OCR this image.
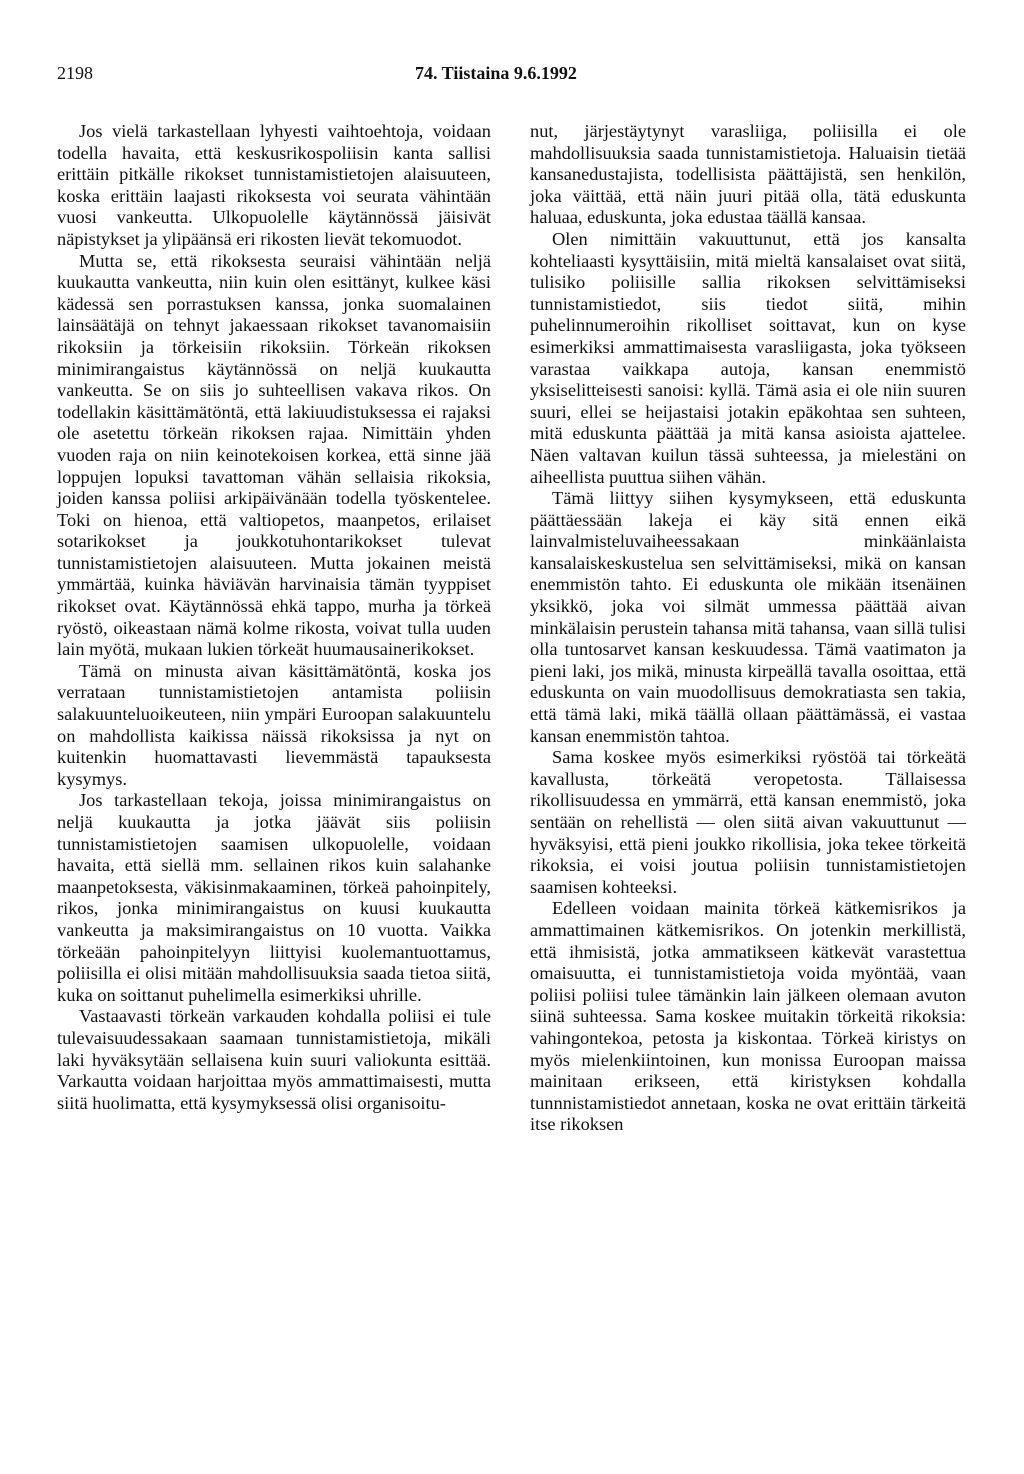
2198	74. Tiistaina 9.6.1992

Jos vielä tarkastellaan lyhyesti vaihtoehtoja, voidaan todella havaita, että keskusrikospoliisin kanta sallisi erittäin pitkälle rikokset tunnistamistietojen alaisuuteen, koska erittäin laajasti rikoksesta voi seurata vähintään vuosi vankeutta. Ulkopuolelle käytännössä jäisivät näpistykset ja ylipäänsä eri rikosten lievät tekomuodot.

Mutta se, että rikoksesta seuraisi vähintään neljä kuukautta vankeutta, niin kuin olen esittänyt, kulkee käsi kädessä sen porrastuksen kanssa, jonka suomalainen lainsäätäjä on tehnyt jakaessaan rikokset tavanomaisiin rikoksiin ja törkeisiin rikoksiin. Törkeän rikoksen minimirangaistus käytännössä on neljä kuukautta vankeutta. Se on siis jo suhteellisen vakava rikos. On todellakin käsittämätöntä, että lakiuudistuksessa ei rajaksi ole asetettu törkeän rikoksen rajaa. Nimittäin yhden vuoden raja on niin keinotekoisen korkea, että sinne jää loppujen lopuksi tavattoman vähän sellaisia rikoksia, joiden kanssa poliisi arkipäivänään todella työskentelee. Toki on hienoa, että valtiopetos, maanpetos, erilaiset sotarikokset ja joukkotuhontarikokset tulevat tunnistamistietojen alaisuuteen. Mutta jokainen meistä ymmärtää, kuinka häviävän harvinaisia tämän tyyppiset rikokset ovat. Käytännössä ehkä tappo, murha ja törkeä ryöstö, oikeastaan nämä kolme rikosta, voivat tulla uuden lain myötä, mukaan lukien törkeät huumausainerikokset.

Tämä on minusta aivan käsittämätöntä, koska jos verrataan tunnistamistietojen antamista poliisin salakuunteluoikeuteen, niin ympäri Euroopan salakuuntelu on mahdollista kaikissa näissä rikoksissa ja nyt on kuitenkin huomattavasti lievemmästä tapauksesta kysymys.

Jos tarkastellaan tekoja, joissa minimirangaistus on neljä kuukautta ja jotka jäävät siis poliisin tunnistamistietojen saamisen ulkopuolelle, voidaan havaita, että siellä mm. sellainen rikos kuin salahanke maanpetoksesta, väkisinmakaaminen, törkeä pahoinpitely, rikos, jonka minimirangaistus on kuusi kuukautta vankeutta ja maksimirangaistus on 10 vuotta. Vaikka törkeään pahoinpitelyyn liittyisi kuolemantuottamus, poliisilla ei olisi mitään mahdollisuuksia saada tietoa siitä, kuka on soittanut puhelimella esimerkiksi uhrille.

Vastaavasti törkeän varkauden kohdalla poliisi ei tule tulevaisuudessakaan saamaan tunnistamistietoja, mikäli laki hyväksytään sellaisena kuin suuri valiokunta esittää. Varkautta voidaan harjoittaa myös ammattimaisesti, mutta siitä huolimatta, että kysymyksessä olisi organisoitu-

nut, järjestäytynyt varasliiga, poliisilla ei ole mahdollisuuksia saada tunnistamistietoja. Haluaisin tietää kansanedustajista, todellisista päättäjistä, sen henkilön, joka väittää, että näin juuri pitää olla, tätä eduskunta haluaa, eduskunta, joka edustaa täällä kansaa.

Olen nimittäin vakuuttunut, että jos kansalta kohteliaasti kysyttäisiin, mitä mieltä kansalaiset ovat siitä, tulisiko poliisille sallia rikoksen selvittämiseksi tunnistamistiedot, siis tiedot siitä, mihin puhelinnumeroihin rikolliset soittavat, kun on kyse esimerkiksi ammattimaisesta varasliigasta, joka työkseen varastaa vaikkapa autoja, kansan enemmistö yksiselitteisesti sanoisi: kyllä. Tämä asia ei ole niin suuren suuri, ellei se heijastaisi jotakin epäkohtaa sen suhteen, mitä eduskunta päättää ja mitä kansa asioista ajattelee. Näen valtavan kuilun tässä suhteessa, ja mielestäni on aiheellista puuttua siihen vähän.

Tämä liittyy siihen kysymykseen, että eduskunta päättäessään lakeja ei käy sitä ennen eikä lainvalmisteluvaiheessakaan minkäänlaista kansalaiskeskustelua sen selvittämiseksi, mikä on kansan enemmistön tahto. Ei eduskunta ole mikään itsenäinen yksikkö, joka voi silmät ummessa päättää aivan minkälaisin perustein tahansa mitä tahansa, vaan sillä tulisi olla tuntosarvet kansan keskuudessa. Tämä vaatimaton ja pieni laki, jos mikä, minusta kirpeällä tavalla osoittaa, että eduskunta on vain muodollisuus demokratiasta sen takia, että tämä laki, mikä täällä ollaan päättämässä, ei vastaa kansan enemmistön tahtoa.

Sama koskee myös esimerkiksi ryöstöä tai törkeätä kavallusta, törkeätä veropetosta. Tällaisessa rikollisuudessa en ymmärrä, että kansan enemmistö, joka sentään on rehellistä — olen siitä aivan vakuuttunut — hyväksyisi, että pieni joukko rikollisia, joka tekee törkeitä rikoksia, ei voisi joutua poliisin tunnistamistietojen saamisen kohteeksi.

Edelleen voidaan mainita törkeä kätkemisrikos ja ammattimainen kätkemisrikos. On jotenkin merkillistä, että ihmisistä, jotka ammatikseen kätkevät varastettua omaisuutta, ei tunnistamistietoja voida myöntää, vaan poliisi poliisi tulee tämänkin lain jälkeen olemaan avuton siinä suhteessa. Sama koskee muitakin törkeitä rikoksia: vahingontekoa, petosta ja kiskontaa. Törkeä kiristys on myös mielenkiintoinen, kun monissa Euroopan maissa mainitaan erikseen, että kiristyksen kohdalla tunnnistamistiedot annetaan, koska ne ovat erittäin tärkeitä itse rikoksen
